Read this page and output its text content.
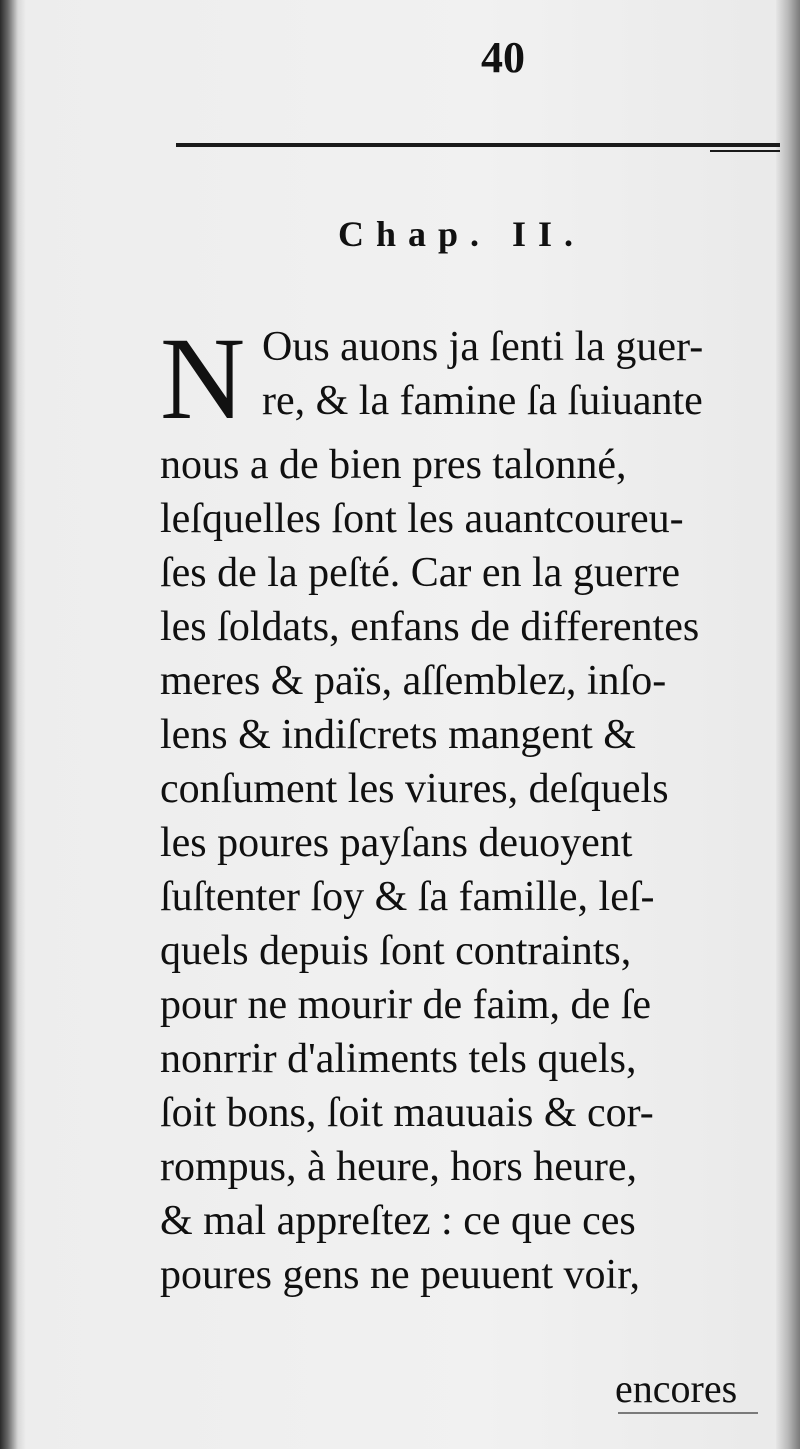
40
Chap. II.
N Ous auons ja ſenti la guer-
re, & la famine ſa ſuiuante
nous a de bien pres talonné,
leſquelles ſont les auantcoureu-
ſes de la peſté. Car en la guerre
les ſoldats, enfans de differentes
meres & païs, aſſemblez, inſo-
lens & indiſcrets mangent &
conſument les viures, deſquels
les poures payſans deuoyent
ſuſtenter ſoy & ſa famille, leſ-
quels depuis ſont contraints,
pour ne mourir de faim, de ſe
nonrrir d'aliments tels quels,
ſoit bons, ſoit mauuais & cor-
rompus, à heure, hors heure,
& mal appreſtez : ce que ces
poures gens ne peuuent voir,
encores
